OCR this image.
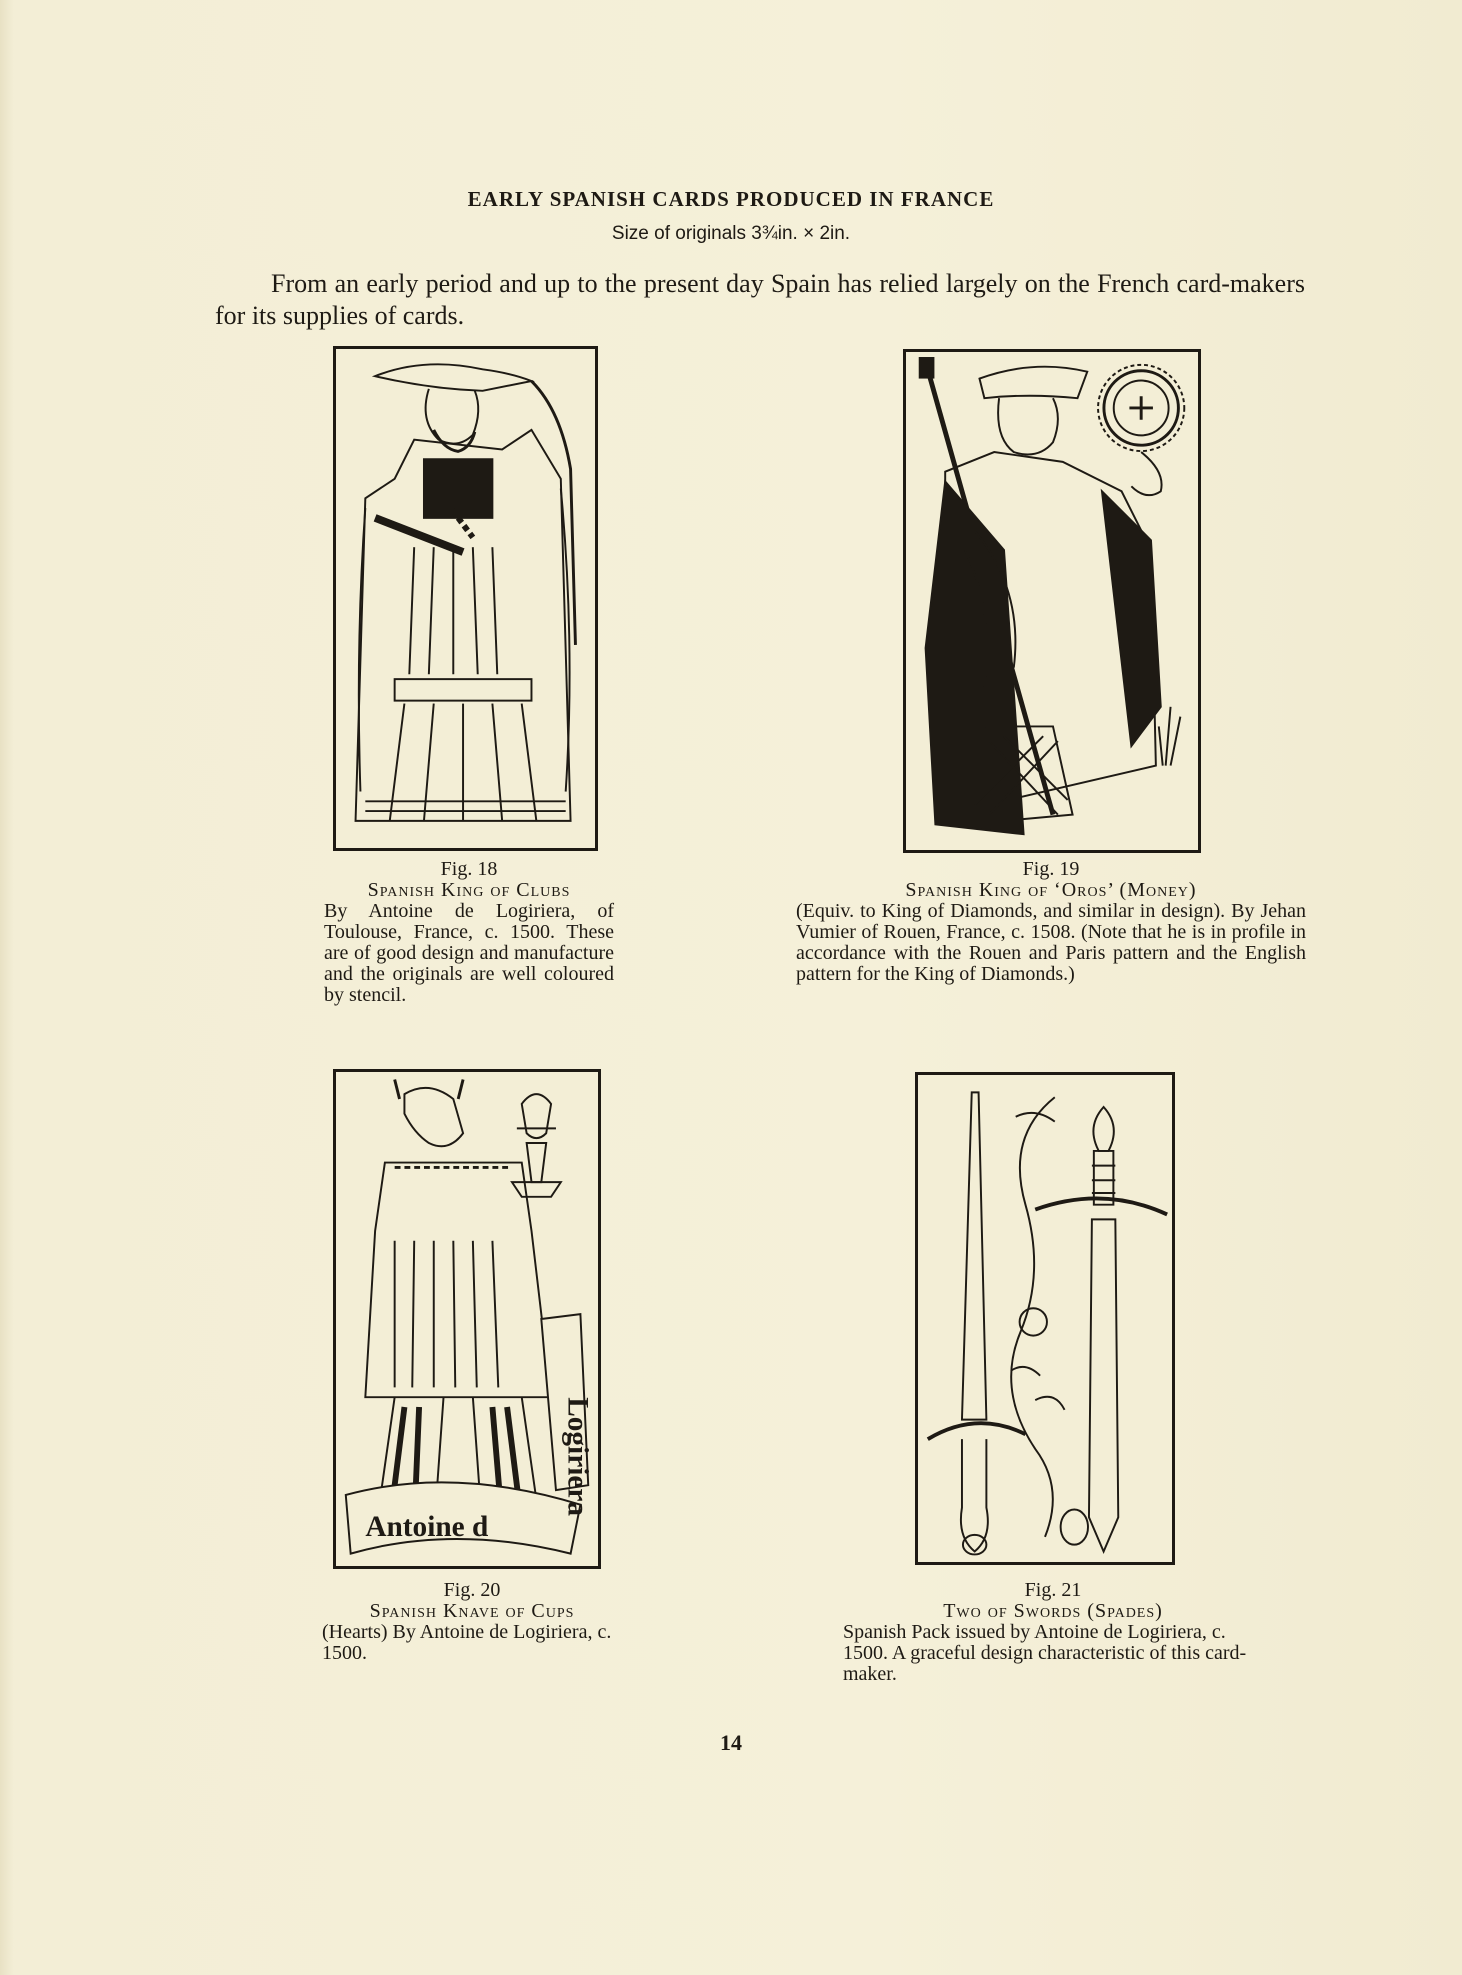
EARLY SPANISH CARDS PRODUCED IN FRANCE
Size of originals 3¾in. × 2in.
From an early period and up to the present day Spain has relied largely on the French card-makers for its supplies of cards.
Logiriera
Antoine d
Fig. 18
Spanish King of Clubs
By Antoine de Logiriera, of Toulouse, France, c. 1500. These are of good design and manufacture and the originals are well coloured by stencil.
Fig. 19
Spanish King of ‘Oros’ (Money)
(Equiv. to King of Diamonds, and similar in design). By Jehan Vumier of Rouen, France, c. 1508. (Note that he is in profile in accordance with the Rouen and Paris pattern and the English pattern for the King of Diamonds.)
Fig. 20
Spanish Knave of Cups
(Hearts) By Antoine de Logiriera, c. 1500.
Fig. 21
Two of Swords (Spades)
Spanish Pack issued by Antoine de Logiriera, c. 1500. A graceful design characteristic of this card-maker.
14
